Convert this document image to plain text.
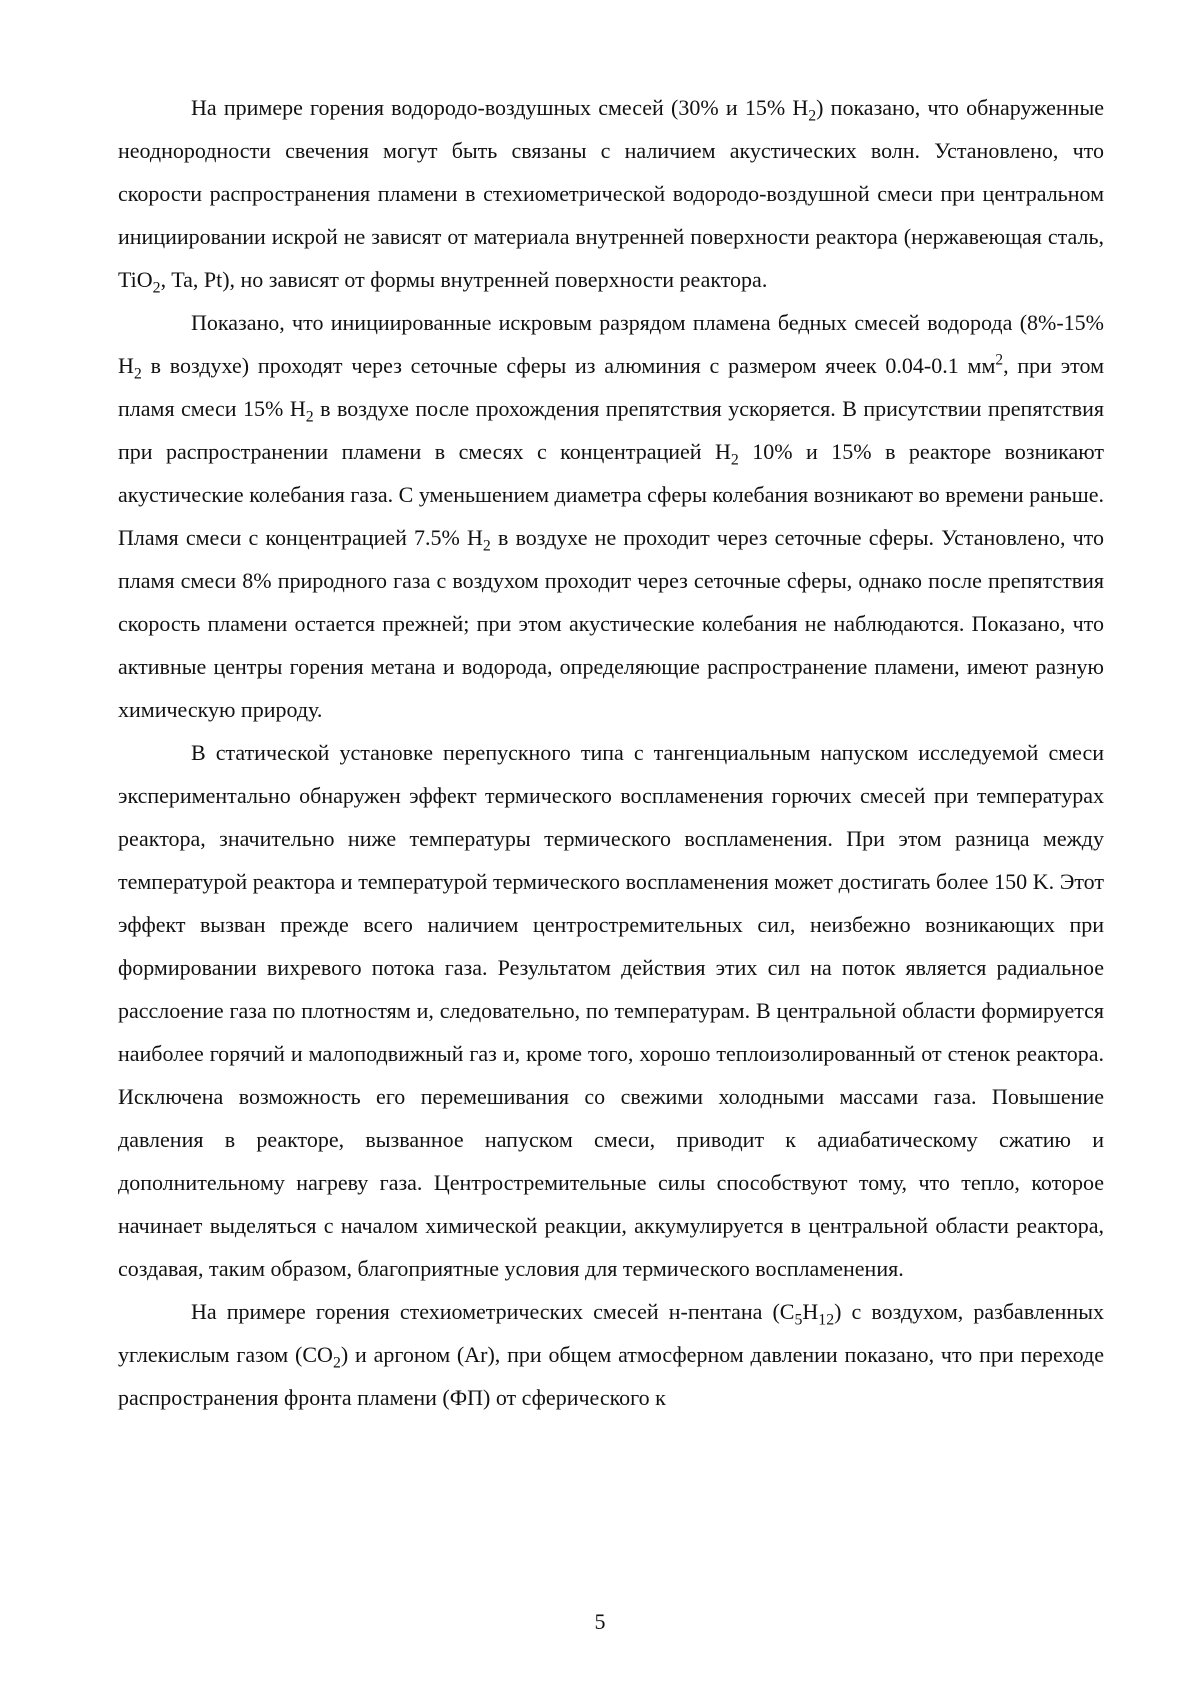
На примере горения водородо-воздушных смесей (30% и 15% $H_2$) показано, что обнаруженные неоднородности свечения могут быть связаны с наличием акустических волн. Установлено, что скорости распространения пламени в стехиометрической водородо-воздушной смеси при центральном инициировании искрой не зависят от материала внутренней поверхности реактора (нержавеющая сталь, TiO$_2$, Ta, Pt), но зависят от формы внутренней поверхности реактора.

Показано, что инициированные искровым разрядом пламена бедных смесей водорода (8%-15% $H_2$ в воздухе) проходят через сеточные сферы из алюминия с размером ячеек 0.04-0.1 $мм^2$, при этом пламя смеси 15% $H_2$ в воздухе после прохождения препятствия ускоряется. В присутствии препятствия при распространении пламени в смесях с концентрацией $H_2$ 10% и 15% в реакторе возникают акустические колебания газа. С уменьшением диаметра сферы колебания возникают во времени раньше. Пламя смеси с концентрацией 7.5% $H_2$ в воздухе не проходит через сеточные сферы. Установлено, что пламя смеси 8% природного газа с воздухом проходит через сеточные сферы, однако после препятствия скорость пламени остается прежней; при этом акустические колебания не наблюдаются. Показано, что активные центры горения метана и водорода, определяющие распространение пламени, имеют разную химическую природу.

В статической установке перепускного типа с тангенциальным напуском исследуемой смеси экспериментально обнаружен эффект термического воспламенения горючих смесей при температурах реактора, значительно ниже температуры термического воспламенения. При этом разница между температурой реактора и температурой термического воспламенения может достигать более 150 K. Этот эффект вызван прежде всего наличием центростремительных сил, неизбежно возникающих при формировании вихревого потока газа. Результатом действия этих сил на поток является радиальное расслоение газа по плотностям и, следовательно, по температурам. В центральной области формируется наиболее горячий и малоподвижный газ и, кроме того, хорошо теплоизолированный от стенок реактора. Исключена возможность его перемешивания со свежими холодными массами газа. Повышение давления в реакторе, вызванное напуском смеси, приводит к адиабатическому сжатию и дополнительному нагреву газа. Центростремительные силы способствуют тому, что тепло, которое начинает выделяться с началом химической реакции, аккумулируется в центральной области реактора, создавая, таким образом, благоприятные условия для термического воспламенения.

На примере горения стехиометрических смесей н-пентана $(C_5H_{12})$ с воздухом, разбавленных углекислым газом $(CO_2)$ и аргоном (Ar), при общем атмосферном давлении показано, что при переходе распространения фронта пламени (ФП) от сферического к

5
